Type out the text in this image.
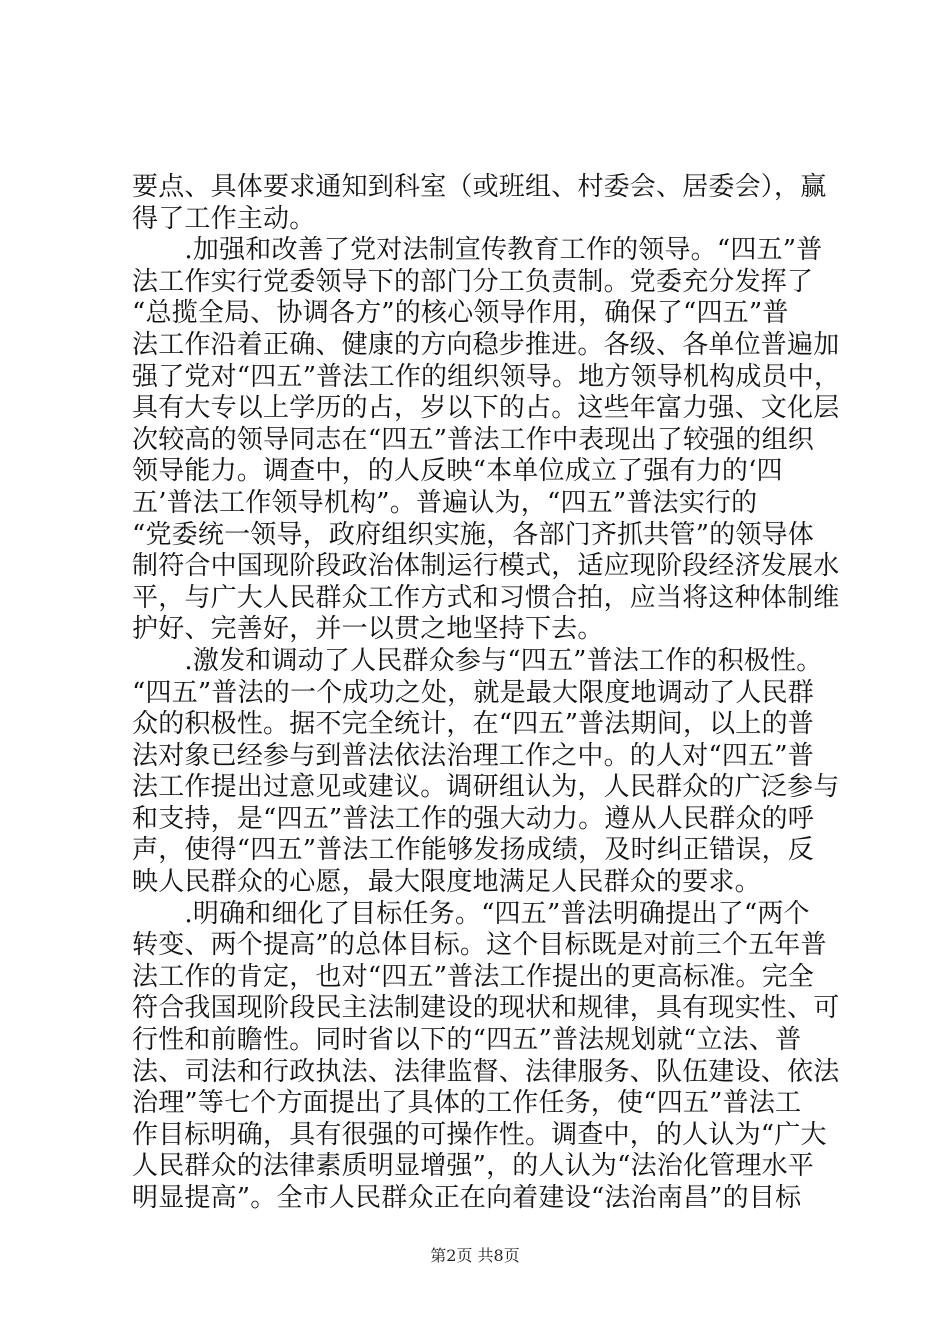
要点、具体要求通知到科室（或班组、村委会、居委会），赢
得了工作主动。
　　.加强和改善了党对法制宣传教育工作的领导。“四五”普
法工作实行党委领导下的部门分工负责制。党委充分发挥了
“总揽全局、协调各方”的核心领导作用，确保了“四五”普
法工作沿着正确、健康的方向稳步推进。各级、各单位普遍加
强了党对“四五”普法工作的组织领导。地方领导机构成员中，
具有大专以上学历的占，岁以下的占。这些年富力强、文化层
次较高的领导同志在“四五”普法工作中表现出了较强的组织
领导能力。调查中，的人反映“本单位成立了强有力的‘四
五’普法工作领导机构”。普遍认为，“四五”普法实行的
“党委统一领导，政府组织实施，各部门齐抓共管”的领导体
制符合中国现阶段政治体制运行模式，适应现阶段经济发展水
平，与广大人民群众工作方式和习惯合拍，应当将这种体制维
护好、完善好，并一以贯之地坚持下去。
　　.激发和调动了人民群众参与“四五”普法工作的积极性。
“四五”普法的一个成功之处，就是最大限度地调动了人民群
众的积极性。据不完全统计，在“四五”普法期间，以上的普
法对象已经参与到普法依法治理工作之中。的人对“四五”普
法工作提出过意见或建议。调研组认为，人民群众的广泛参与
和支持，是“四五”普法工作的强大动力。遵从人民群众的呼
声，使得“四五”普法工作能够发扬成绩，及时纠正错误，反
映人民群众的心愿，最大限度地满足人民群众的要求。
　　.明确和细化了目标任务。“四五”普法明确提出了“两个
转变、两个提高”的总体目标。这个目标既是对前三个五年普
法工作的肯定，也对“四五”普法工作提出的更高标准。完全
符合我国现阶段民主法制建设的现状和规律，具有现实性、可
行性和前瞻性。同时省以下的“四五”普法规划就“立法、普
法、司法和行政执法、法律监督、法律服务、队伍建设、依法
治理”等七个方面提出了具体的工作任务，使“四五”普法工
作目标明确，具有很强的可操作性。调查中，的人认为“广大
人民群众的法律素质明显增强”，的人认为“法治化管理水平
明显提高”。全市人民群众正在向着建设“法治南昌”的目标
第2页 共8页
